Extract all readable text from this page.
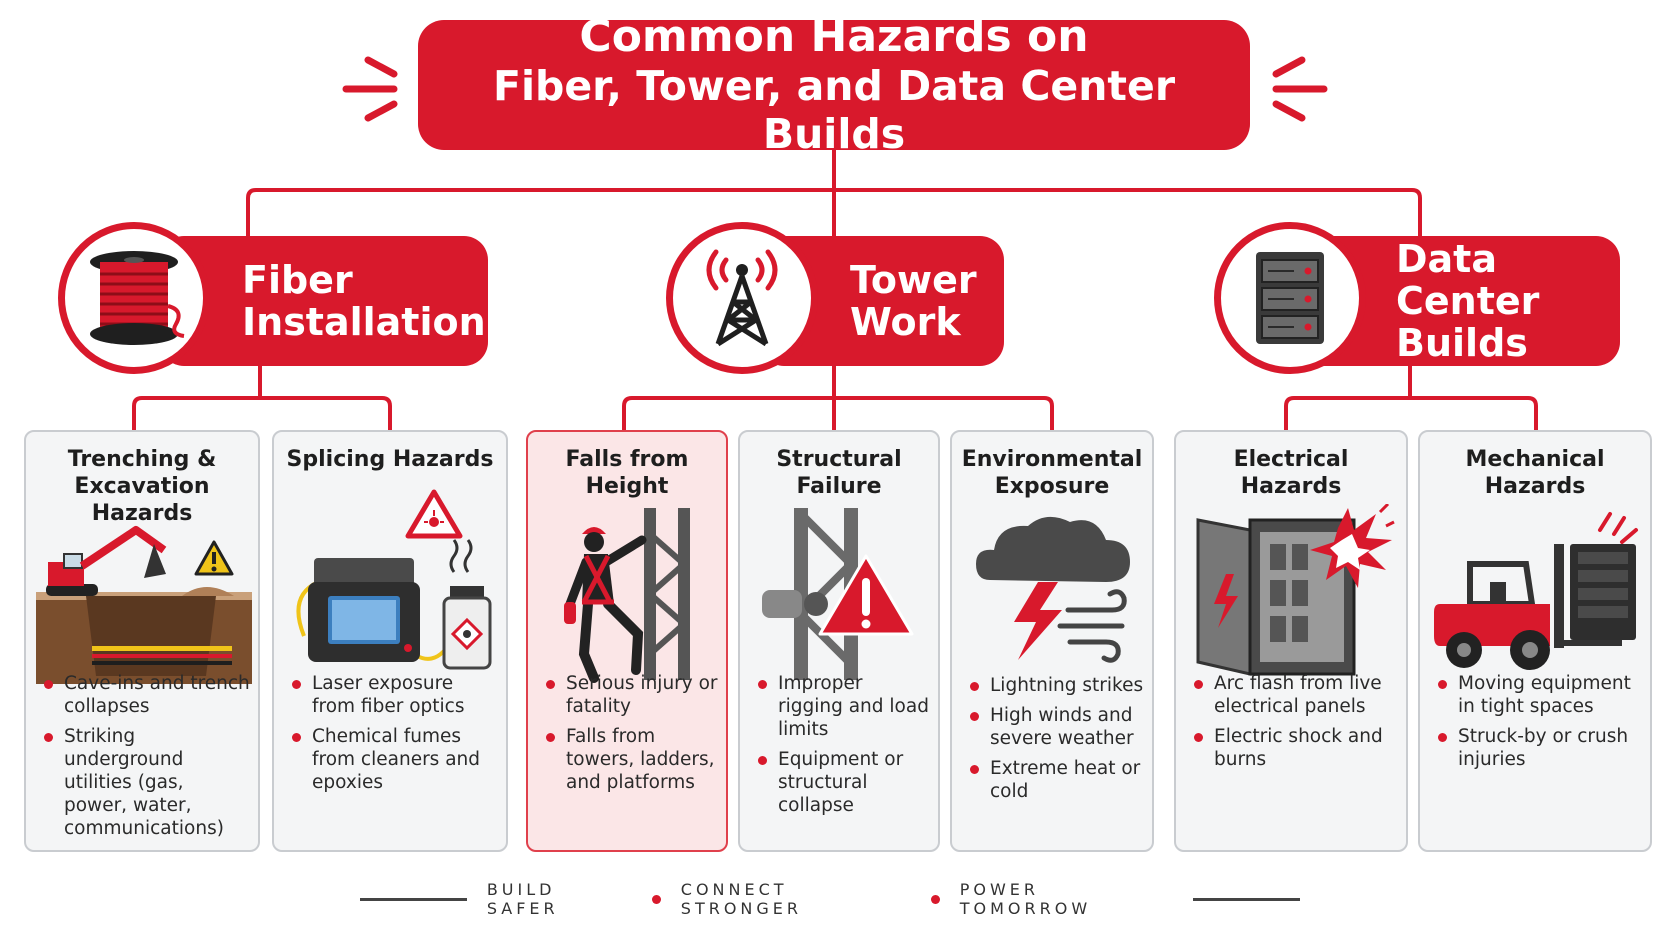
Common Hazards on
Fiber, Tower, and Data Center Builds
Fiber
Installation
Tower
Work
Data Center
Builds
Trenching &
Excavation Hazards
Cave-ins and trench collapses
Striking underground utilities (gas, power, water, communications)
Splicing Hazards
Laser exposure from fiber optics
Chemical fumes from cleaners and epoxies
Falls from
Height
Serious injury or fatality
Falls from towers, ladders, and platforms
Structural
Failure
Improper rigging and load limits
Equipment or structural collapse
Environmental
Exposure
Lightning strikes
High winds and severe weather
Extreme heat or cold
Electrical
Hazards
Arc flash from live electrical panels
Electric shock and burns
Mechanical
Hazards
Moving equipment in tight spaces
Struck-by or crush injuries
BUILD SAFER
CONNECT STRONGER
POWER TOMORROW
